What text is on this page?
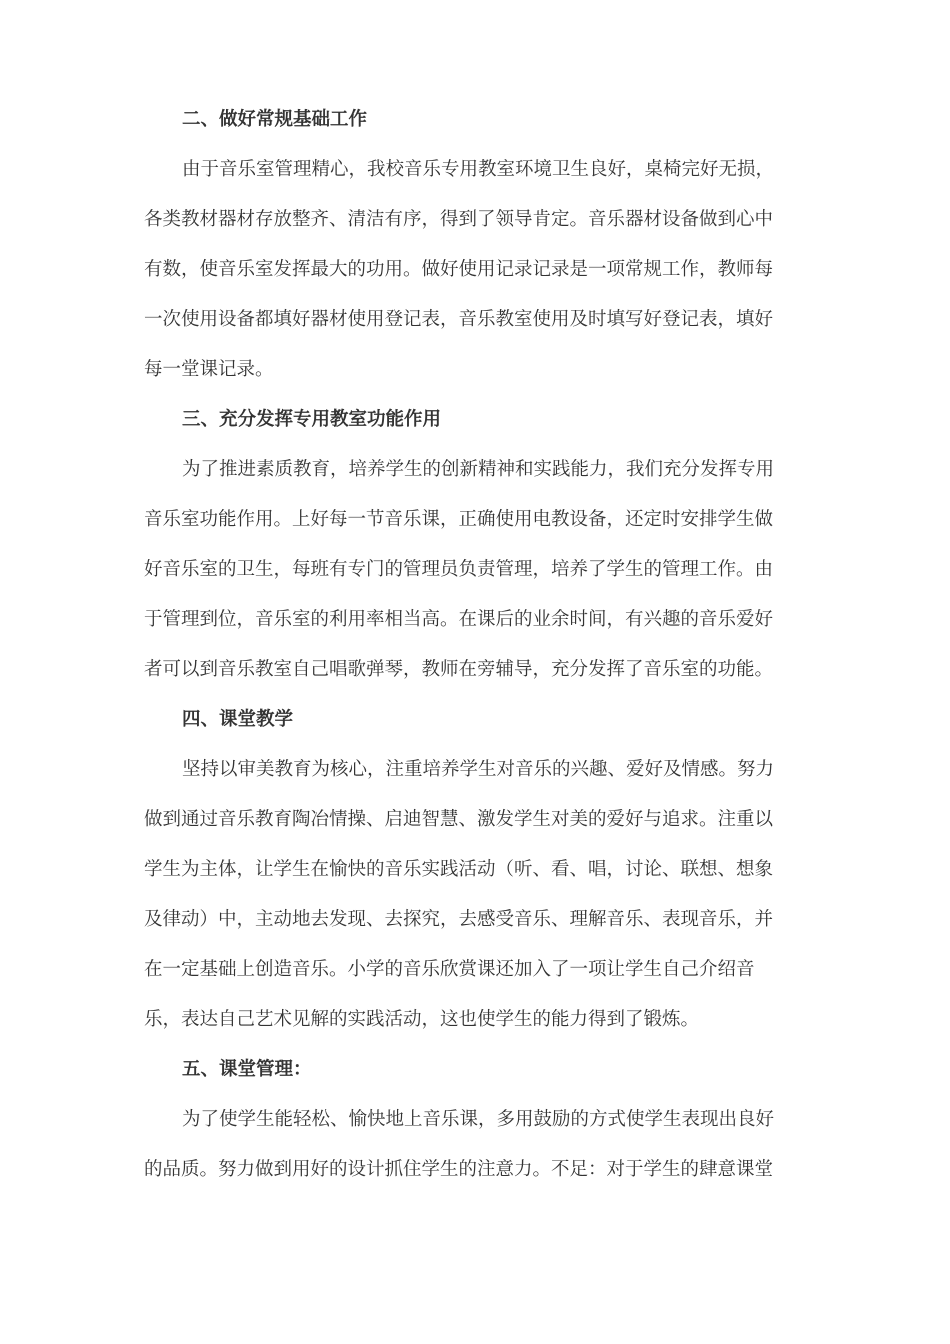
二、做好常规基础工作
由于音乐室管理精心，我校音乐专用教室环境卫生良好，桌椅完好无损，
各类教材器材存放整齐、清洁有序，得到了领导肯定。音乐器材设备做到心中
有数，使音乐室发挥最大的功用。做好使用记录记录是一项常规工作，教师每
一次使用设备都填好器材使用登记表，音乐教室使用及时填写好登记表，填好
每一堂课记录。
三、充分发挥专用教室功能作用
为了推进素质教育，培养学生的创新精神和实践能力，我们充分发挥专用
音乐室功能作用。上好每一节音乐课，正确使用电教设备，还定时安排学生做
好音乐室的卫生，每班有专门的管理员负责管理，培养了学生的管理工作。由
于管理到位，音乐室的利用率相当高。在课后的业余时间，有兴趣的音乐爱好
者可以到音乐教室自己唱歌弹琴，教师在旁辅导，充分发挥了音乐室的功能。
四、课堂教学
坚持以审美教育为核心，注重培养学生对音乐的兴趣、爱好及情感。努力
做到通过音乐教育陶冶情操、启迪智慧、激发学生对美的爱好与追求。注重以
学生为主体，让学生在愉快的音乐实践活动（听、看、唱，讨论、联想、想象
及律动）中，主动地去发现、去探究，去感受音乐、理解音乐、表现音乐，并
在一定基础上创造音乐。小学的音乐欣赏课还加入了一项让学生自己介绍音
乐，表达自己艺术见解的实践活动，这也使学生的能力得到了锻炼。
五、课堂管理：
为了使学生能轻松、愉快地上音乐课，多用鼓励的方式使学生表现出良好
的品质。努力做到用好的设计抓住学生的注意力。不足：对于学生的肆意课堂
